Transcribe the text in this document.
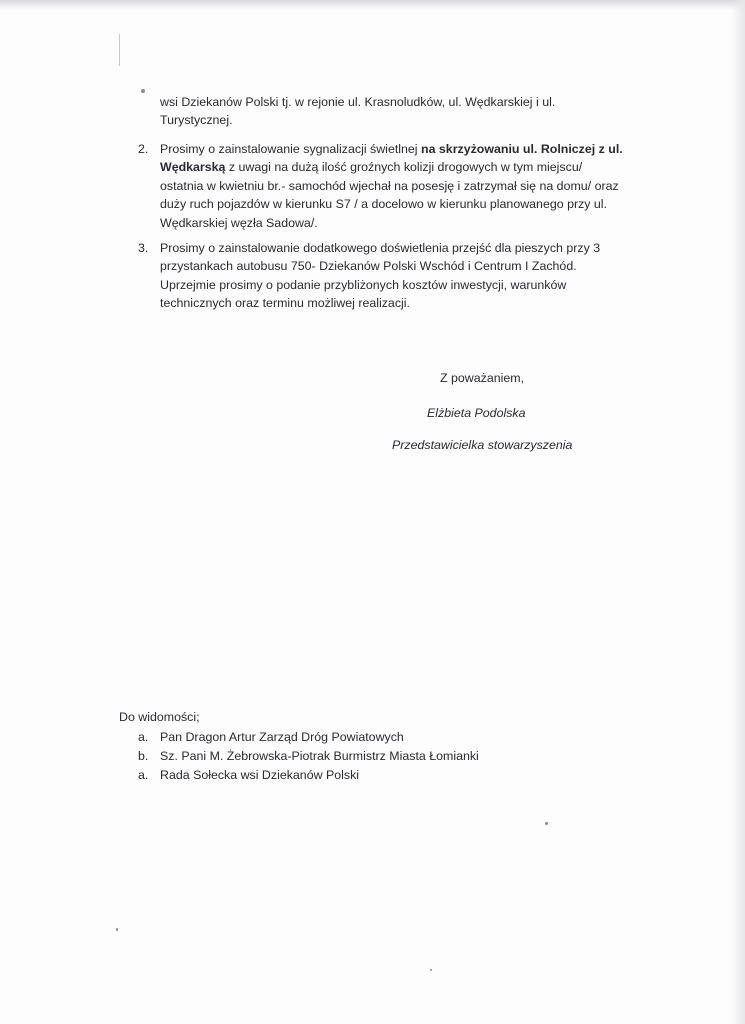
wsi Dziekanów Polski tj. w rejonie ul. Krasnoludków, ul. Wędkarskiej i ul.
Turystycznej.
2. Prosimy o zainstalowanie sygnalizacji świetlnej na skrzyżowaniu ul. Rolniczej z ul.
Wędkarską z uwagi na dużą ilość groźnych kolizji drogowych w tym miejscu/
ostatnia w kwietniu br.- samochód wjechał na posesję i zatrzymał się na domu/ oraz
duży ruch pojazdów w kierunku S7 / a docelowo w kierunku planowanego przy ul.
Wędkarskiej węzła Sadowa/.
3. Prosimy o zainstalowanie dodatkowego doświetlenia przejść dla pieszych przy 3
przystankach autobusu 750- Dziekanów Polski Wschód i Centrum I Zachód.
Uprzejmie prosimy o podanie przybliżonych kosztów inwestycji, warunków
technicznych oraz terminu możliwej realizacji.
Z poważaniem,
Elżbieta Podolska
Przedstawicielka stowarzyszenia
Do widomości;
a. Pan Dragon Artur Zarząd Dróg Powiatowych
b. Sz. Pani M. Żebrowska-Piotrak Burmistrz Miasta Łomianki
a. Rada Sołecka wsi Dziekanów Polski
